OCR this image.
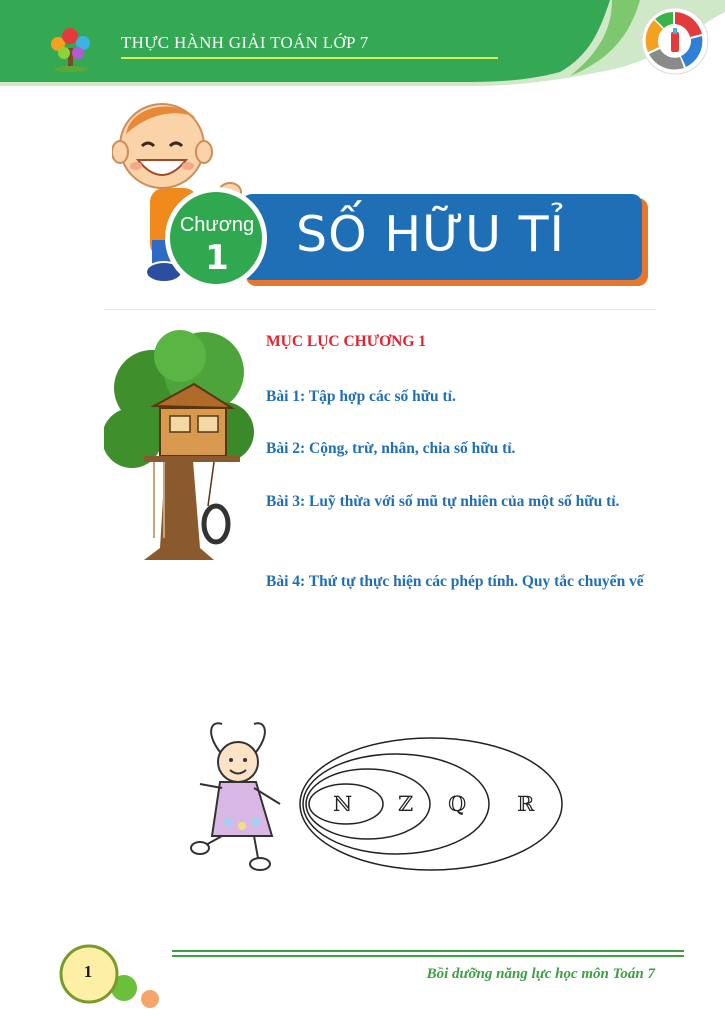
THỰC HÀNH GIẢI TOÁN LỚP 7
Chương
1	SỐ HỮU TỈ
MỤC LỤC CHƯƠNG 1
Bài 1: Tập hợp các số hữu tỉ.
Bài 2: Cộng, trừ, nhân, chia số hữu tỉ.
Bài 3: Luỹ thừa với số mũ tự nhiên của một số hữu tỉ.
Bài 4: Thứ tự thực hiện các phép tính. Quy tắc chuyển vế
ℕ ℤ ℚ ℝ
Bồi dưỡng năng lực học môn Toán 7
1
